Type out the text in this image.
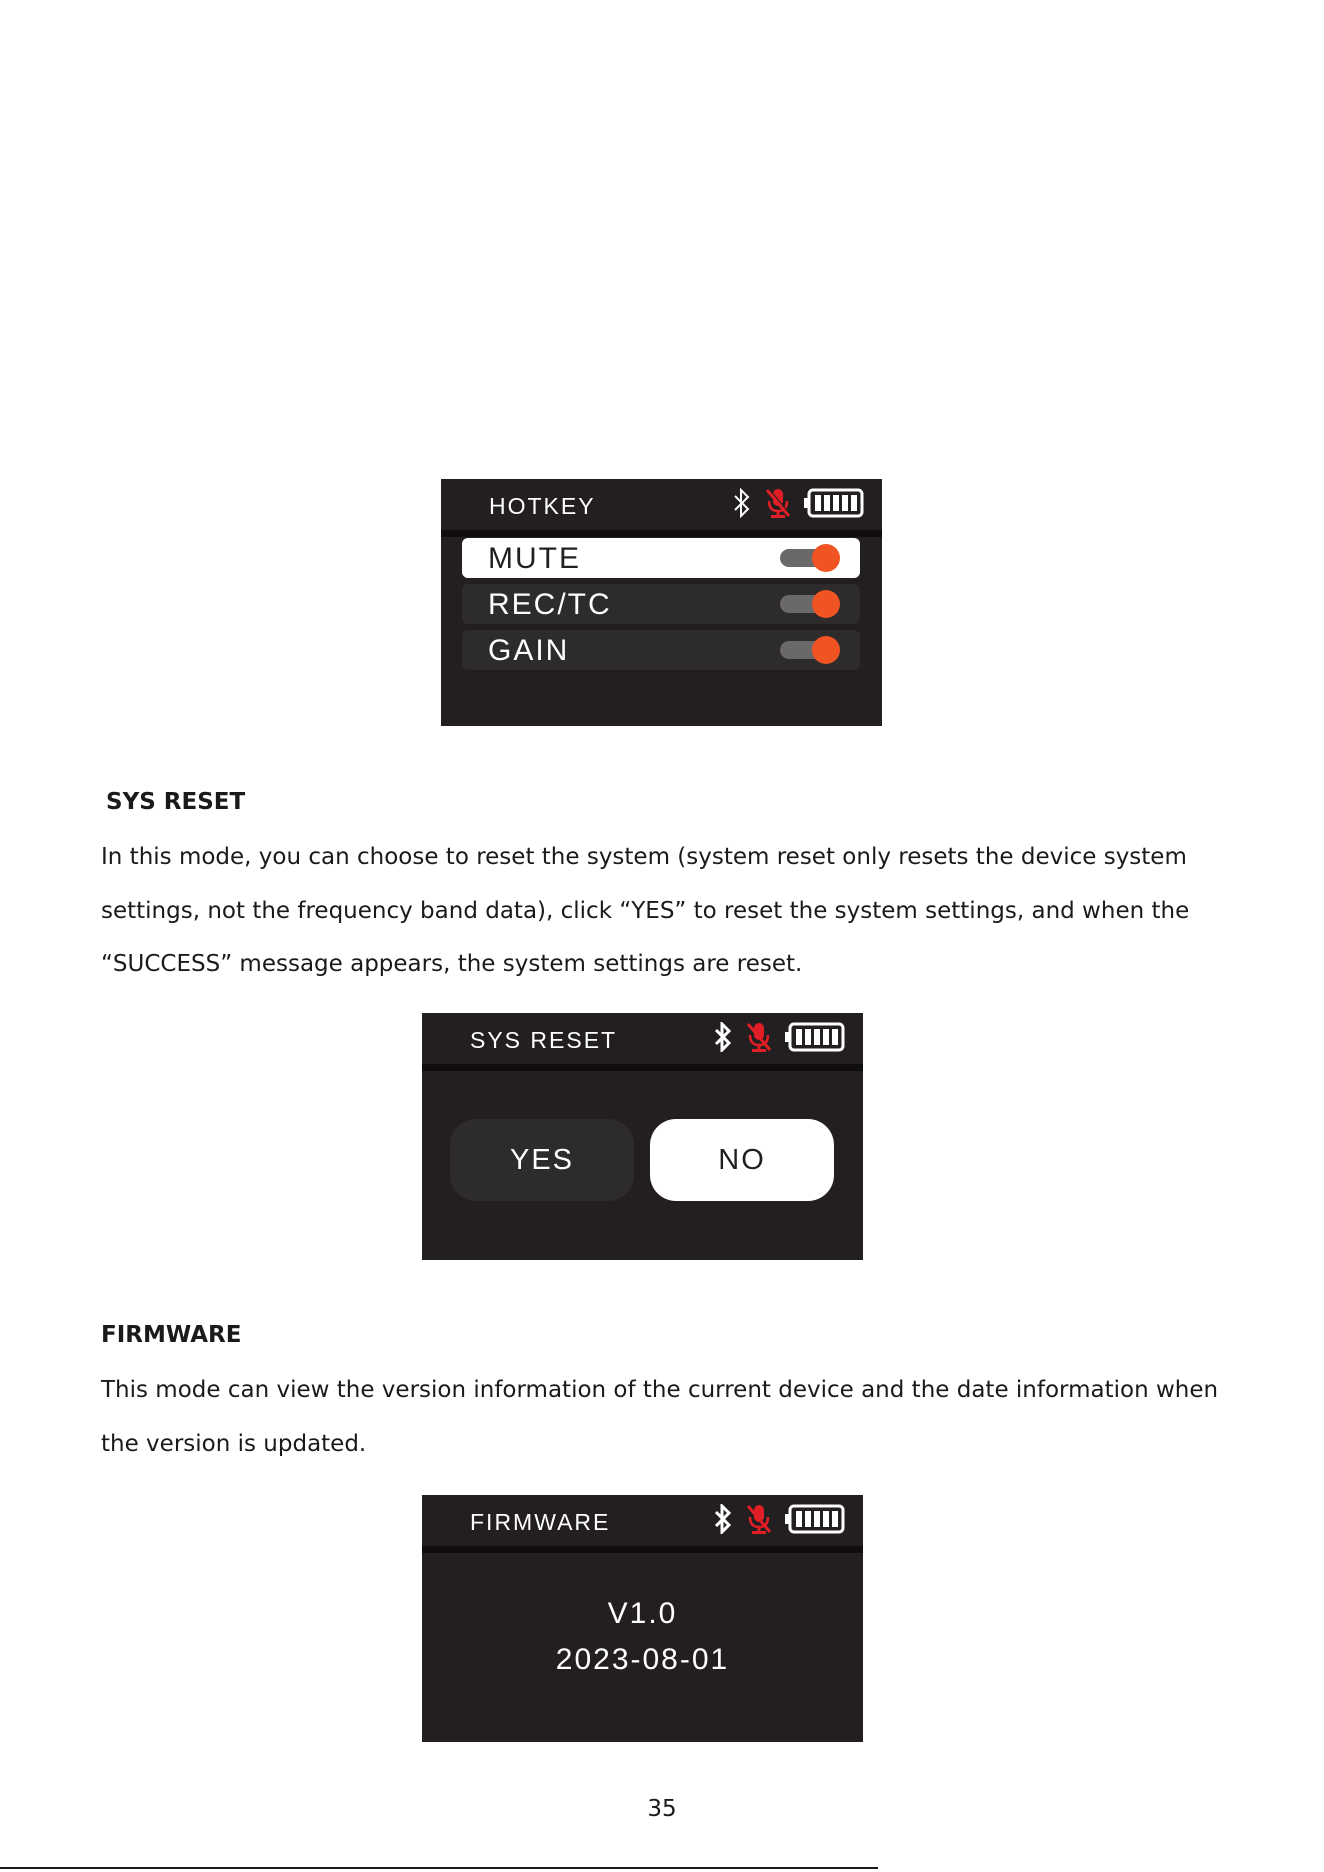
HOTKEY
MUTE
REC/TC
GAIN
SYS RESET
In this mode, you can choose to reset the system (system reset only resets the device system settings, not the frequency band data), click “YES” to reset the system settings, and when the “SUCCESS” message appears, the system settings are reset.
SYS RESET
YES	NO
FIRMWARE
This mode can view the version information of the current device and the date information when the version is updated.
FIRMWARE
V1.0
2023-08-01
35
